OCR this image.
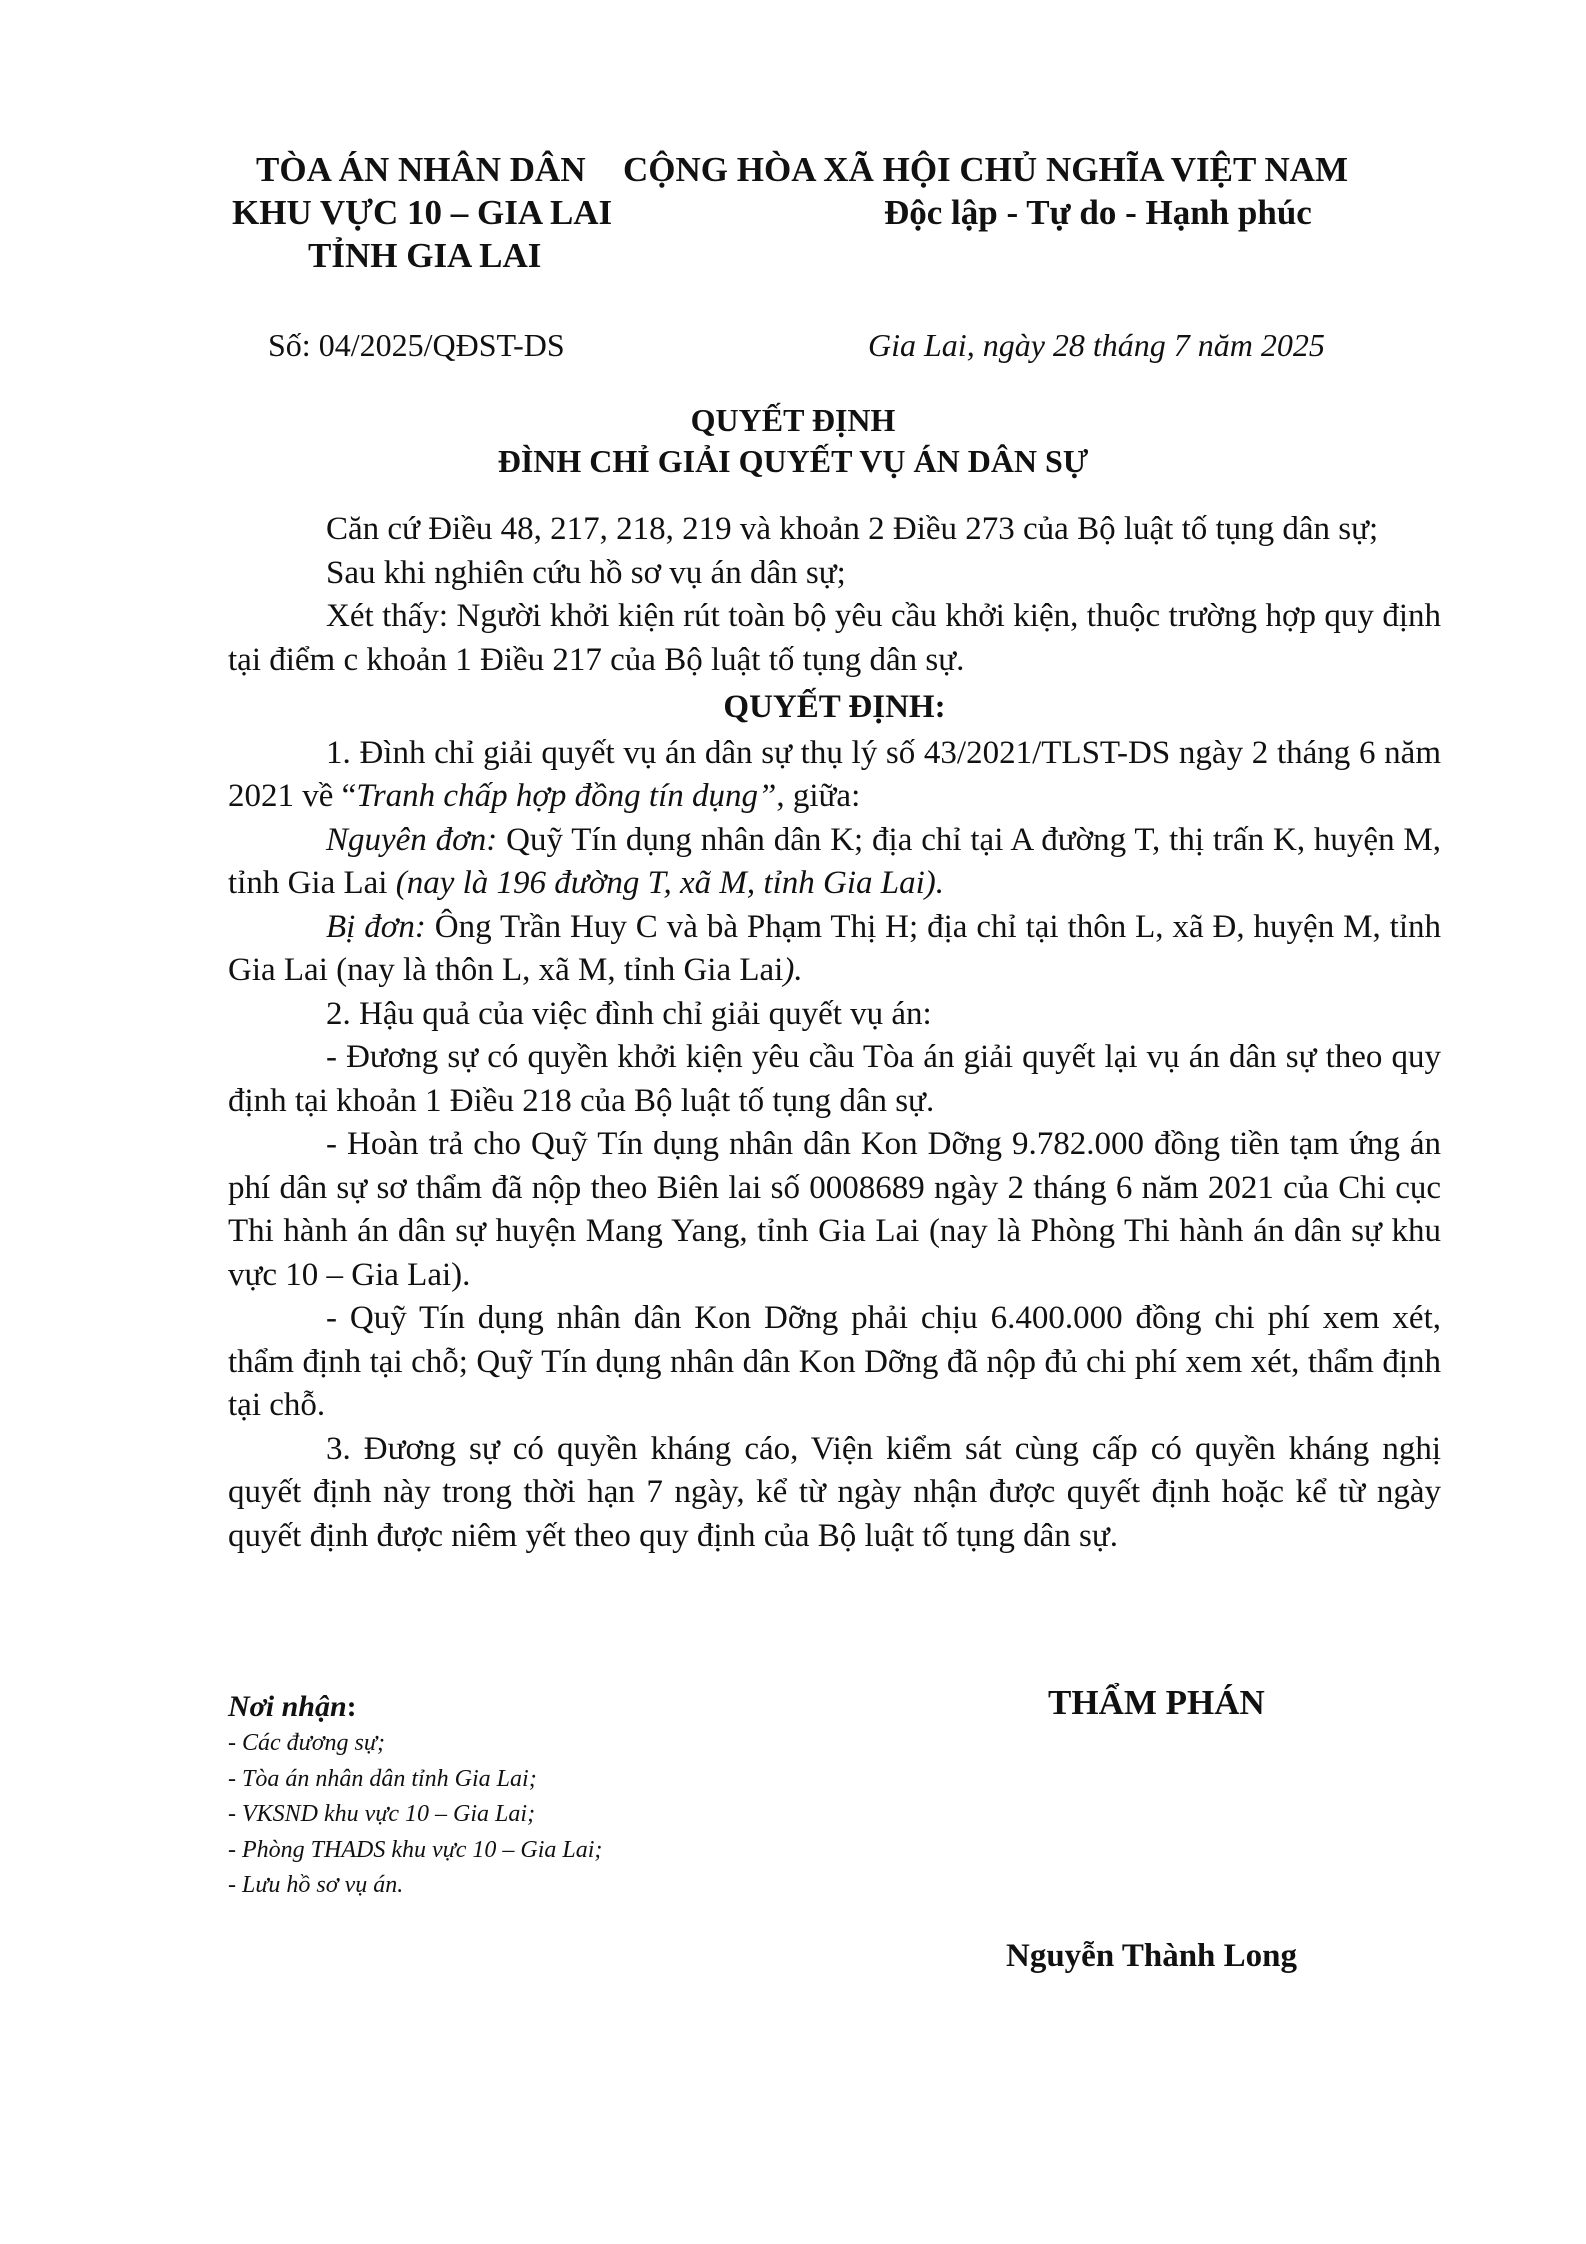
TÒA ÁN NHÂN DÂN
KHU VỰC 10 – GIA LAI
TỈNH GIA LAI
CỘNG HÒA XÃ HỘI CHỦ NGHĨA VIỆT NAM
Độc lập - Tự do - Hạnh phúc
Số: 04/2025/QĐST-DS	Gia Lai, ngày 28 tháng 7 năm 2025
QUYẾT ĐỊNH
ĐÌNH CHỈ GIẢI QUYẾT VỤ ÁN DÂN SỰ

Căn cứ Điều 48, 217, 218, 219 và khoản 2 Điều 273 của Bộ luật tố tụng dân sự;

Sau khi nghiên cứu hồ sơ vụ án dân sự;

Xét thấy: Người khởi kiện rút toàn bộ yêu cầu khởi kiện, thuộc trường hợp quy định tại điểm c khoản 1 Điều 217 của Bộ luật tố tụng dân sự.

QUYẾT ĐỊNH:

1. Đình chỉ giải quyết vụ án dân sự thụ lý số 43/2021/TLST-DS ngày 2 tháng 6 năm 2021 về “Tranh chấp hợp đồng tín dụng”, giữa:

Nguyên đơn: Quỹ Tín dụng nhân dân K; địa chỉ tại A đường T, thị trấn K, huyện M, tỉnh Gia Lai (nay là 196 đường T, xã M, tỉnh Gia Lai).

Bị đơn: Ông Trần Huy C và bà Phạm Thị H; địa chỉ tại thôn L, xã Đ, huyện M, tỉnh Gia Lai (nay là thôn L, xã M, tỉnh Gia Lai).

2. Hậu quả của việc đình chỉ giải quyết vụ án:

- Đương sự có quyền khởi kiện yêu cầu Tòa án giải quyết lại vụ án dân sự theo quy định tại khoản 1 Điều 218 của Bộ luật tố tụng dân sự.

- Hoàn trả cho Quỹ Tín dụng nhân dân Kon Dỡng 9.782.000 đồng tiền tạm ứng án phí dân sự sơ thẩm đã nộp theo Biên lai số 0008689 ngày 2 tháng 6 năm 2021 của Chi cục Thi hành án dân sự huyện Mang Yang, tỉnh Gia Lai (nay là Phòng Thi hành án dân sự khu vực 10 – Gia Lai).

- Quỹ Tín dụng nhân dân Kon Dỡng phải chịu 6.400.000 đồng chi phí xem xét, thẩm định tại chỗ; Quỹ Tín dụng nhân dân Kon Dỡng đã nộp đủ chi phí xem xét, thẩm định tại chỗ.

3. Đương sự có quyền kháng cáo, Viện kiểm sát cùng cấp có quyền kháng nghị quyết định này trong thời hạn 7 ngày, kể từ ngày nhận được quyết định hoặc kể từ ngày quyết định được niêm yết theo quy định của Bộ luật tố tụng dân sự.

Nơi nhận:
- Các đương sự;
- Tòa án nhân dân tỉnh Gia Lai;
- VKSND khu vực 10 – Gia Lai;
- Phòng THADS khu vực 10 – Gia Lai;
- Lưu hồ sơ vụ án.
THẨM PHÁN
Nguyễn Thành Long
